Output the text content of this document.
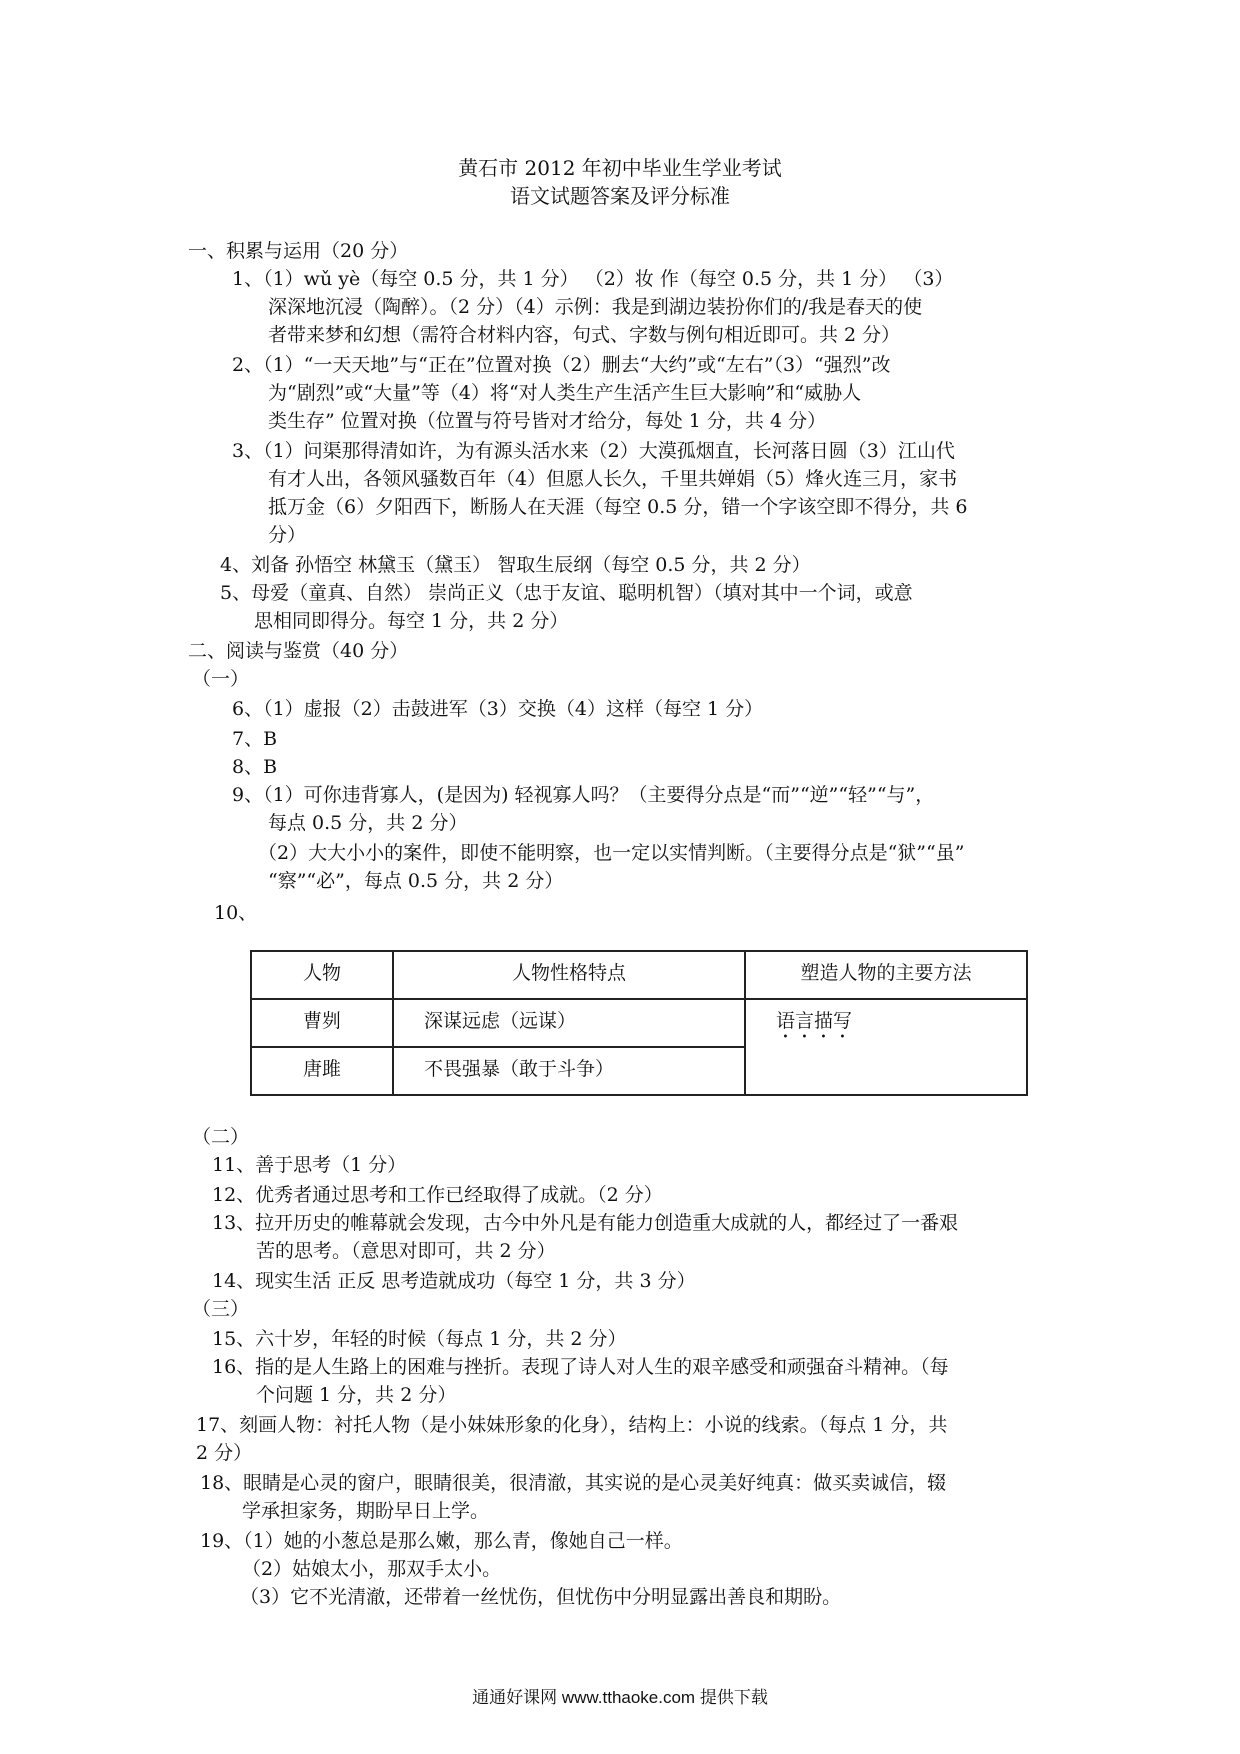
黄石市 2012 年初中毕业生学业考试
语文试题答案及评分标准
一、积累与运用（20 分）
1、（1）wǔ yè（每空 0.5 分，共 1 分） （2）妆 作（每空 0.5 分，共 1 分） （3）
深深地沉浸（陶醉）。（2 分）（4）示例：我是到湖边装扮你们的/我是春天的使
者带来梦和幻想（需符合材料内容，句式、字数与例句相近即可。共 2 分）
2、（1）“一天天地”与“正在”位置对换（2）删去“大约”或“左右”（3）“强烈”改
为“剧烈”或“大量”等（4）将“对人类生产生活产生巨大影响”和“威胁人
类生存” 位置对换（位置与符号皆对才给分，每处 1 分，共 4 分）
3、（1）问渠那得清如许，为有源头活水来（2）大漠孤烟直，长河落日圆（3）江山代
有才人出，各领风骚数百年（4）但愿人长久，千里共婵娟（5）烽火连三月，家书
抵万金（6）夕阳西下，断肠人在天涯（每空 0.5 分，错一个字该空即不得分，共 6
分）
4、刘备 孙悟空 林黛玉（黛玉） 智取生辰纲（每空 0.5 分，共 2 分）
5、母爱（童真、自然） 崇尚正义（忠于友谊、聪明机智）（填对其中一个词，或意
思相同即得分。每空 1 分，共 2 分）
二、阅读与鉴赏（40 分）
（一）
6、（1）虚报（2）击鼓进军（3）交换（4）这样（每空 1 分）
7、B
8、B
9、（1）可你违背寡人，(是因为) 轻视寡人吗？（主要得分点是“而”“逆”“轻”“与”，
每点 0.5 分，共 2 分）
（2）大大小小的案件，即使不能明察，也一定以实情判断。（主要得分点是“狱”“虽”
“察”“必”，每点 0.5 分，共 2 分）
10、
人物	人物性格特点	塑造人物的主要方法
曹刿	深谋远虑（远谋）	语言描写
唐雎	不畏强暴（敢于斗争）	
（二）
11、善于思考（1 分）
12、优秀者通过思考和工作已经取得了成就。（2 分）
13、拉开历史的帷幕就会发现，古今中外凡是有能力创造重大成就的人，都经过了一番艰
苦的思考。（意思对即可，共 2 分）
14、现实生活 正反 思考造就成功（每空 1 分，共 3 分）
（三）
15、六十岁，年轻的时候（每点 1 分，共 2 分）
16、指的是人生路上的困难与挫折。表现了诗人对人生的艰辛感受和顽强奋斗精神。（每
个问题 1 分，共 2 分）
17、刻画人物：衬托人物（是小妹妹形象的化身），结构上：小说的线索。（每点 1 分，共
2 分）
18、眼睛是心灵的窗户，眼睛很美，很清澈，其实说的是心灵美好纯真：做买卖诚信，辍
学承担家务，期盼早日上学。
19、（1）她的小葱总是那么嫩，那么青，像她自己一样。
（2）姑娘太小，那双手太小。
（3）它不光清澈，还带着一丝忧伤，但忧伤中分明显露出善良和期盼。
通通好课网 www.tthaoke.com 提供下载
